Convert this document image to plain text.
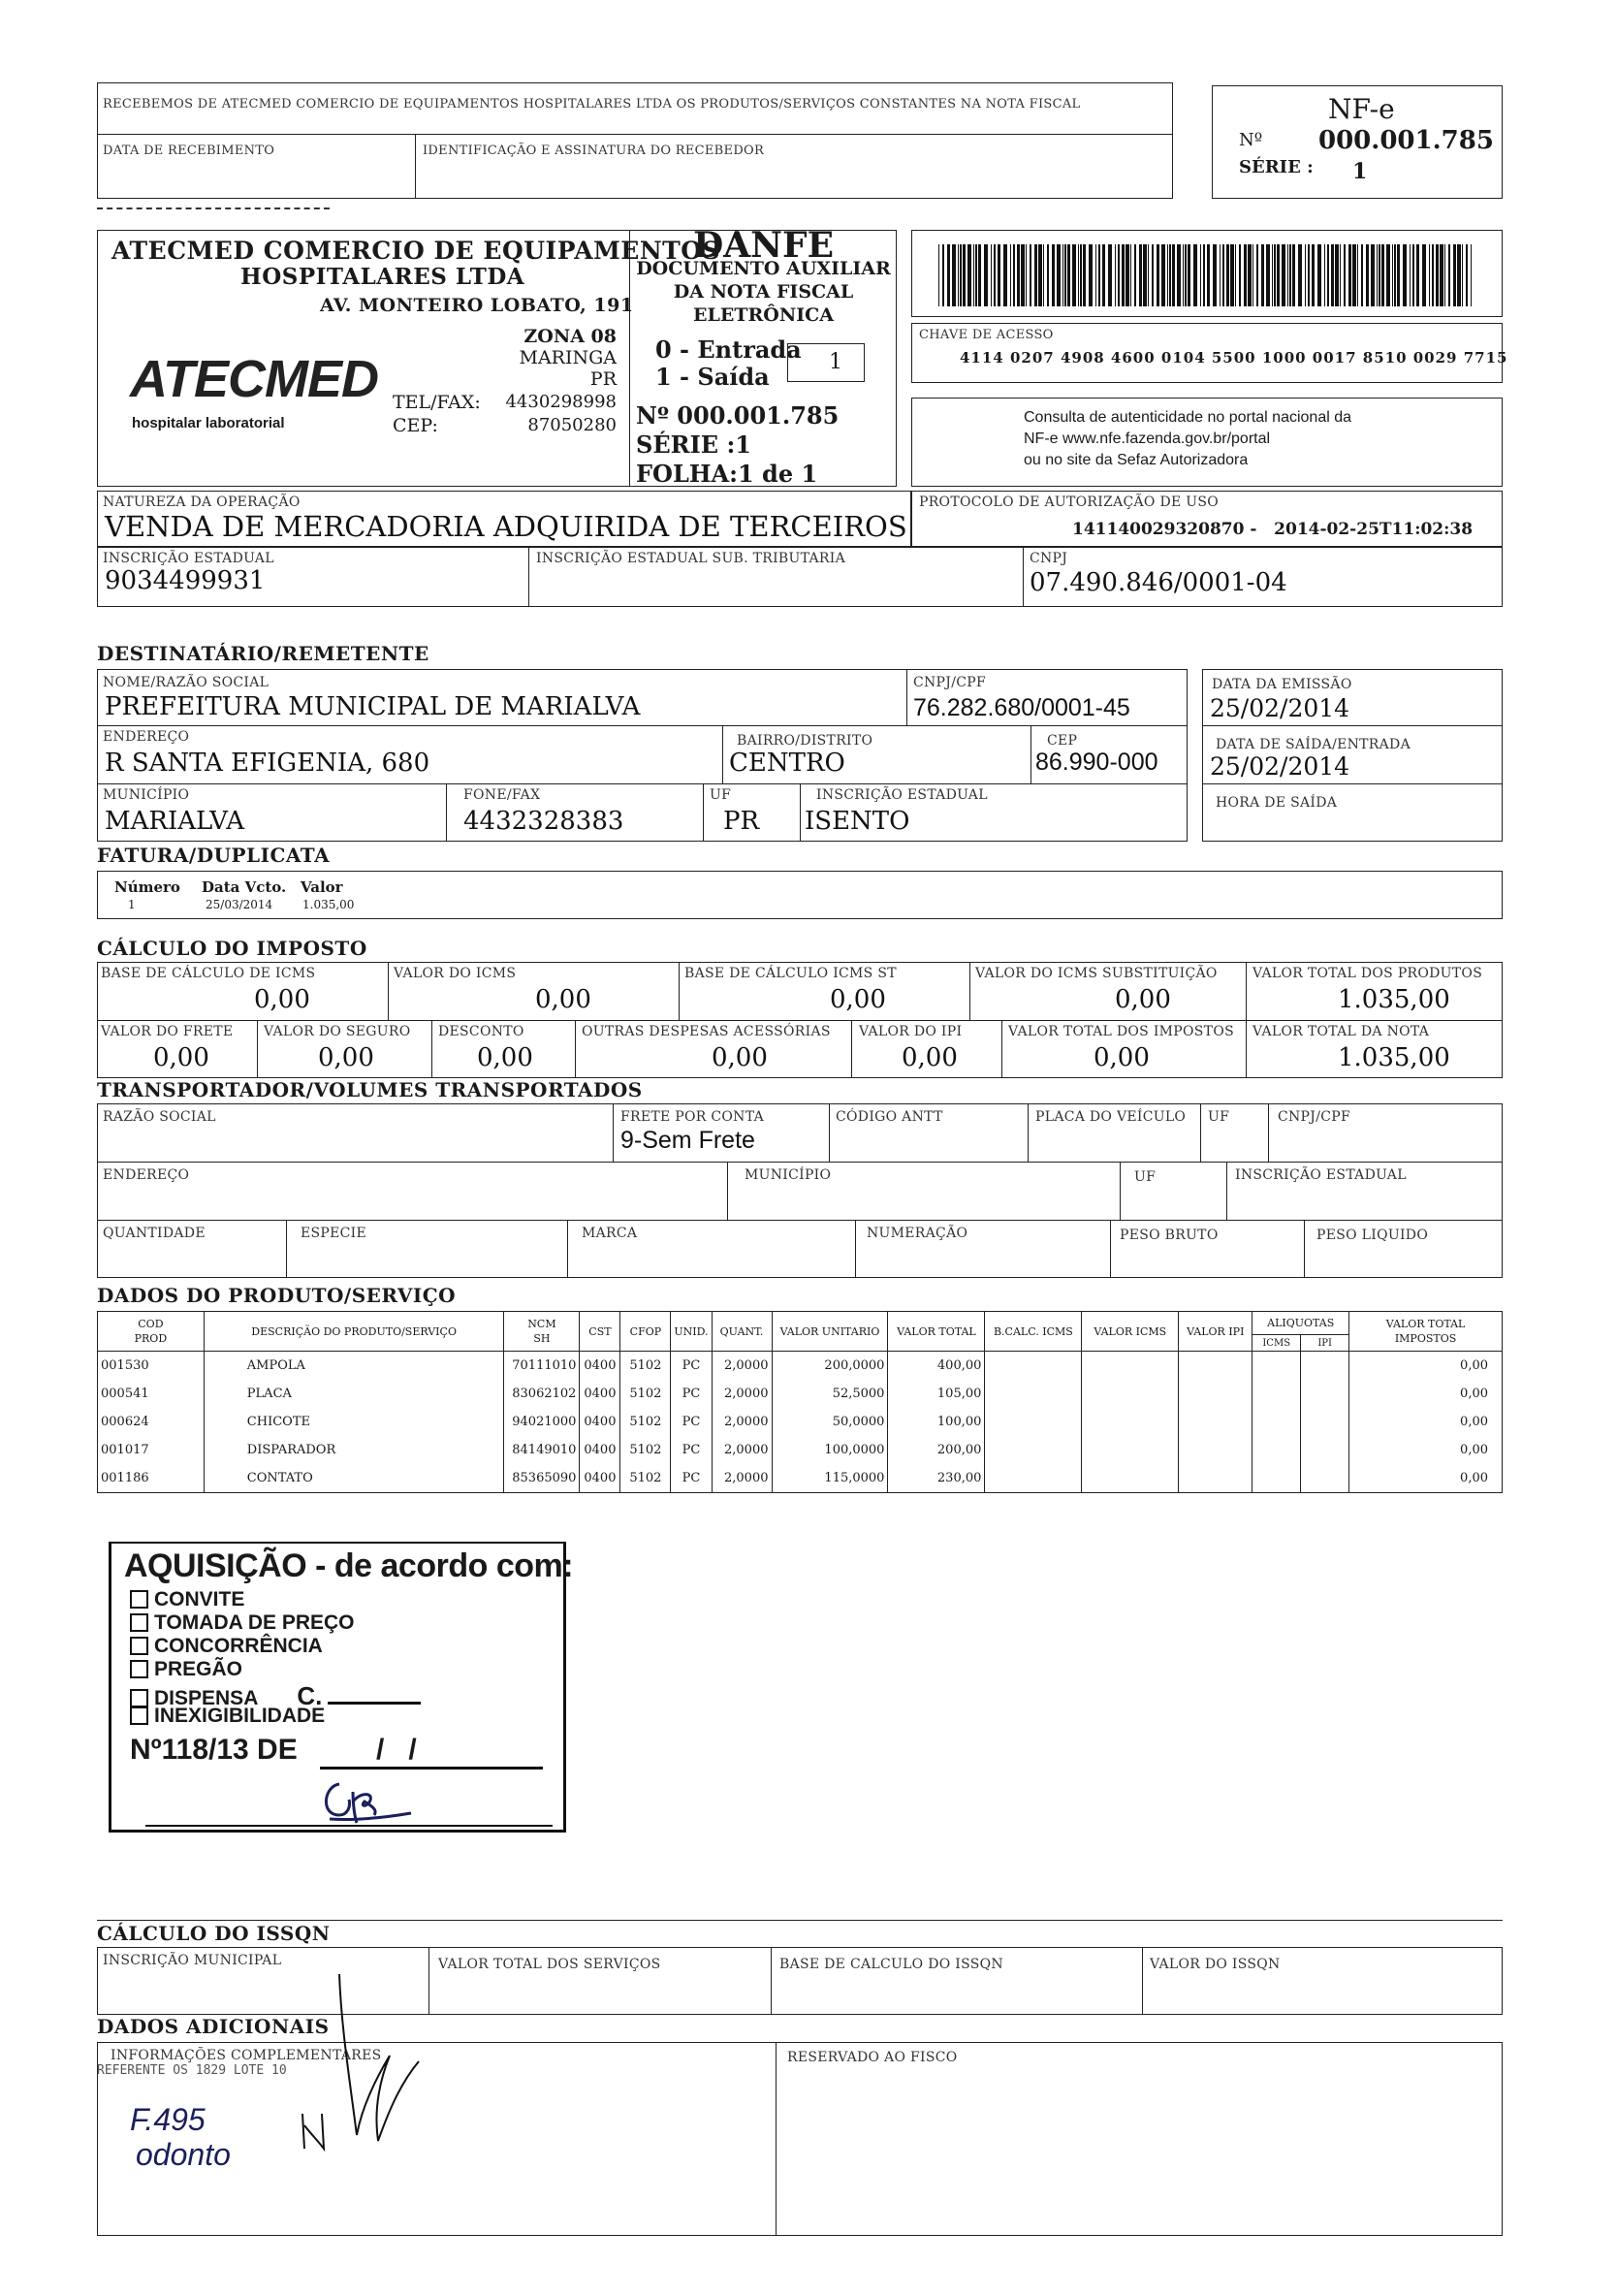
RECEBEMOS DE ATECMED COMERCIO DE EQUIPAMENTOS HOSPITALARES LTDA OS PRODUTOS/SERVIÇOS CONSTANTES NA NOTA FISCAL
DATA DE RECEBIMENTO	IDENTIFICAÇÃO E ASSINATURA DO RECEBEDOR
NF-e
Nº 000.001.785
SÉRIE : 1
ATECMED COMERCIO DE EQUIPAMENTOS
HOSPITALARES LTDA
AV. MONTEIRO LOBATO, 191
ZONA 08
MARINGA
PR
TEL/FAX: 4430298998
CEP:	87050280
ATECMED
hospitalar laboratorial
DANFE
DOCUMENTO AUXILIAR
DA NOTA FISCAL
ELETRÔNICA
0 - Entrada
1 - Saída
1
Nº 000.001.785
SÉRIE :1
FOLHA:1 de 1
CHAVE DE ACESSO
4114 0207 4908 4600 0104 5500 1000 0017 8510 0029 7715
Consulta de autenticidade no portal nacional da
NF-e www.nfe.fazenda.gov.br/portal
ou no site da Sefaz Autorizadora
NATUREZA DA OPERAÇÃO
VENDA DE MERCADORIA ADQUIRIDA DE TERCEIROS
PROTOCOLO DE AUTORIZAÇÃO DE USO
141140029320870 -   2014-02-25T11:02:38
INSCRIÇÃO ESTADUAL
9034499931
INSCRIÇÃO ESTADUAL SUB. TRIBUTARIA	CNPJ
07.490.846/0001-04
DESTINATÁRIO/REMETENTE
NOME/RAZÃO SOCIAL
PREFEITURA MUNICIPAL DE MARIALVA
CNPJ/CPF
76.282.680/0001-45
ENDEREÇO
R SANTA EFIGENIA, 680
BAIRRO/DISTRITO
CENTRO
CEP
86.990-000
MUNICÍPIO
MARIALVA
FONE/FAX
4432328383
UF
PR
INSCRIÇÃO ESTADUAL
ISENTO
DATA DA EMISSÃO
25/02/2014
DATA DE SAÍDA/ENTRADA
25/02/2014
HORA DE SAÍDA
FATURA/DUPLICATA
Número Data Vcto. Valor
1	25/03/2014	1.035,00
CÁLCULO DO IMPOSTO
BASE DE CÁLCULO DE ICMS
0,00
VALOR DO ICMS
0,00
BASE DE CÁLCULO ICMS ST
0,00
VALOR DO ICMS SUBSTITUIÇÃO
0,00
VALOR TOTAL DOS PRODUTOS
1.035,00
VALOR DO FRETE
0,00
VALOR DO SEGURO
0,00
DESCONTO
0,00
OUTRAS DESPESAS ACESSÓRIAS
0,00
VALOR DO IPI
0,00
VALOR TOTAL DOS IMPOSTOS
0,00
VALOR TOTAL DA NOTA
1.035,00
TRANSPORTADOR/VOLUMES TRANSPORTADOS
RAZÃO SOCIAL	FRETE POR CONTA
9-Sem Frete
CÓDIGO ANTT	PLACA DO VEÍCULO UF	CNPJ/CPF
ENDEREÇO	MUNICÍPIO	UF	INSCRIÇÃO ESTADUAL
QUANTIDADE	ESPECIE	MARCA	NUMERAÇÃO	PESO BRUTO	PESO LIQUIDO
DADOS DO PRODUTO/SERVIÇO
COD
PROD	DESCRIÇÃO DO PRODUTO/SERVIÇO	NCM
SH	CST	CFOP	UNID.	QUANT.	VALOR UNITARIO	VALOR TOTAL	B.CALC. ICMS	VALOR ICMS	VALOR IPI	ALIQUOTAS		VALOR TOTAL
IMPOSTOS
												ICMS	IPI	
001530	AMPOLA	70111010	0400	5102	PC	2,0000	200,0000	400,00						0,00
000541	PLACA	83062102	0400	5102	PC	2,0000	52,5000	105,00						0,00
000624	CHICOTE	94021000	0400	5102	PC	2,0000	50,0000	100,00						0,00
001017	DISPARADOR	84149010	0400	5102	PC	2,0000	100,0000	200,00						0,00
001186	CONTATO	85365090	0400	5102	PC	2,0000	115,0000	230,00						0,00
AQUISIÇÃO - de acordo com:
CONVITE
TOMADA DE PREÇO
CONCORRÊNCIA
PREGÃO
DISPENSA C.
INEXIGIBILIDADE
Nº118/13 DE	/   /
CÁLCULO DO ISSQN
INSCRIÇÃO MUNICIPAL	VALOR TOTAL DOS SERVIÇOS	BASE DE CALCULO DO ISSQN	VALOR DO ISSQN
DADOS ADICIONAIS
INFORMAÇÕES COMPLEMENTARES
REFERENTE OS 1829 LOTE 10
RESERVADO AO FISCO
F.495
odonto
